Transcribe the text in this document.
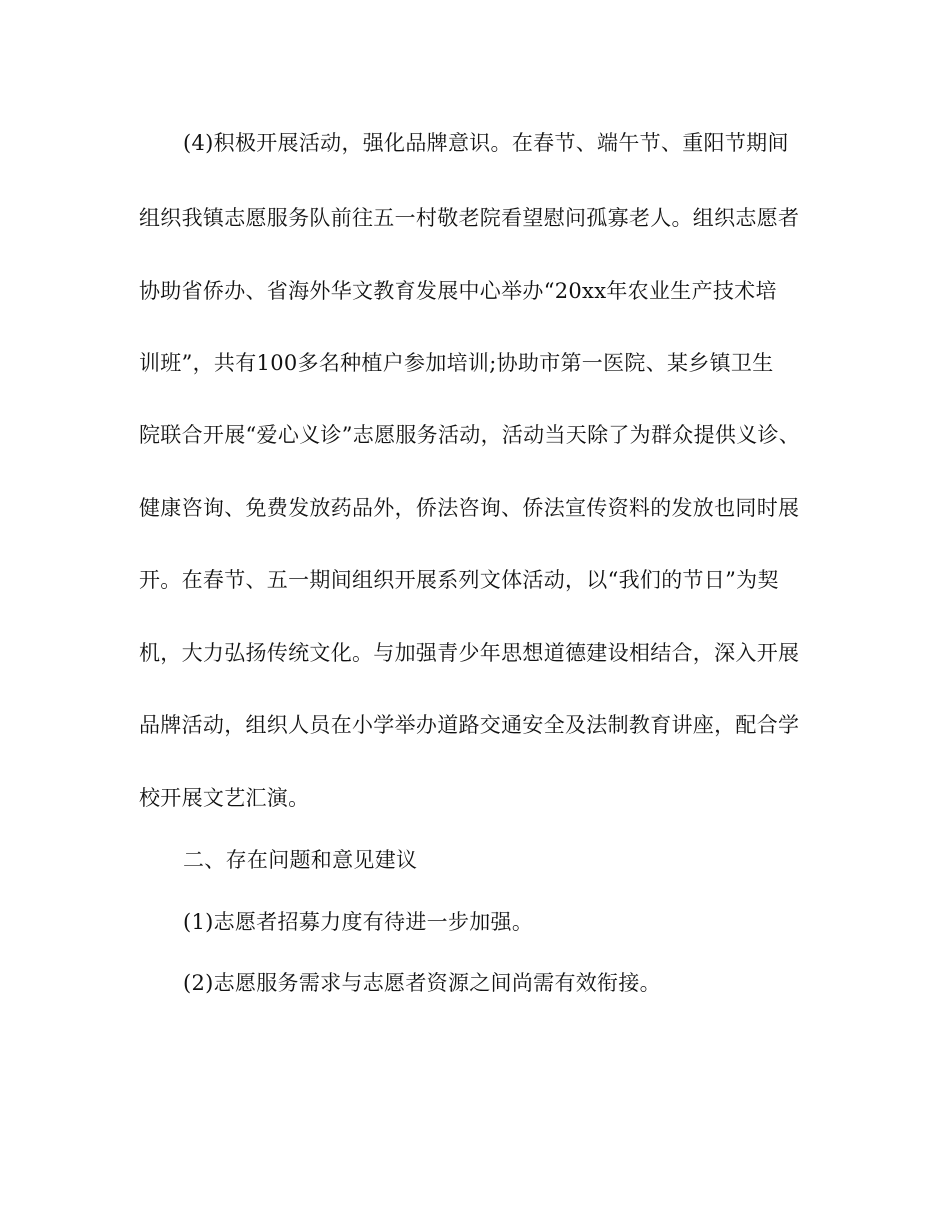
(4)积极开展活动，强化品牌意识。在春节、端午节、重阳节期间
组织我镇志愿服务队前往五一村敬老院看望慰问孤寡老人。组织志愿者
协助省侨办、省海外华文教育发展中心举办“20xx年农业生产技术培
训班”，共有100多名种植户参加培训;协助市第一医院、某乡镇卫生
院联合开展“爱心义诊”志愿服务活动，活动当天除了为群众提供义诊、
健康咨询、免费发放药品外，侨法咨询、侨法宣传资料的发放也同时展
开。在春节、五一期间组织开展系列文体活动，以“我们的节日”为契
机，大力弘扬传统文化。与加强青少年思想道德建设相结合，深入开展
品牌活动，组织人员在小学举办道路交通安全及法制教育讲座，配合学
校开展文艺汇演。
二、存在问题和意见建议
(1)志愿者招募力度有待进一步加强。
(2)志愿服务需求与志愿者资源之间尚需有效衔接。
